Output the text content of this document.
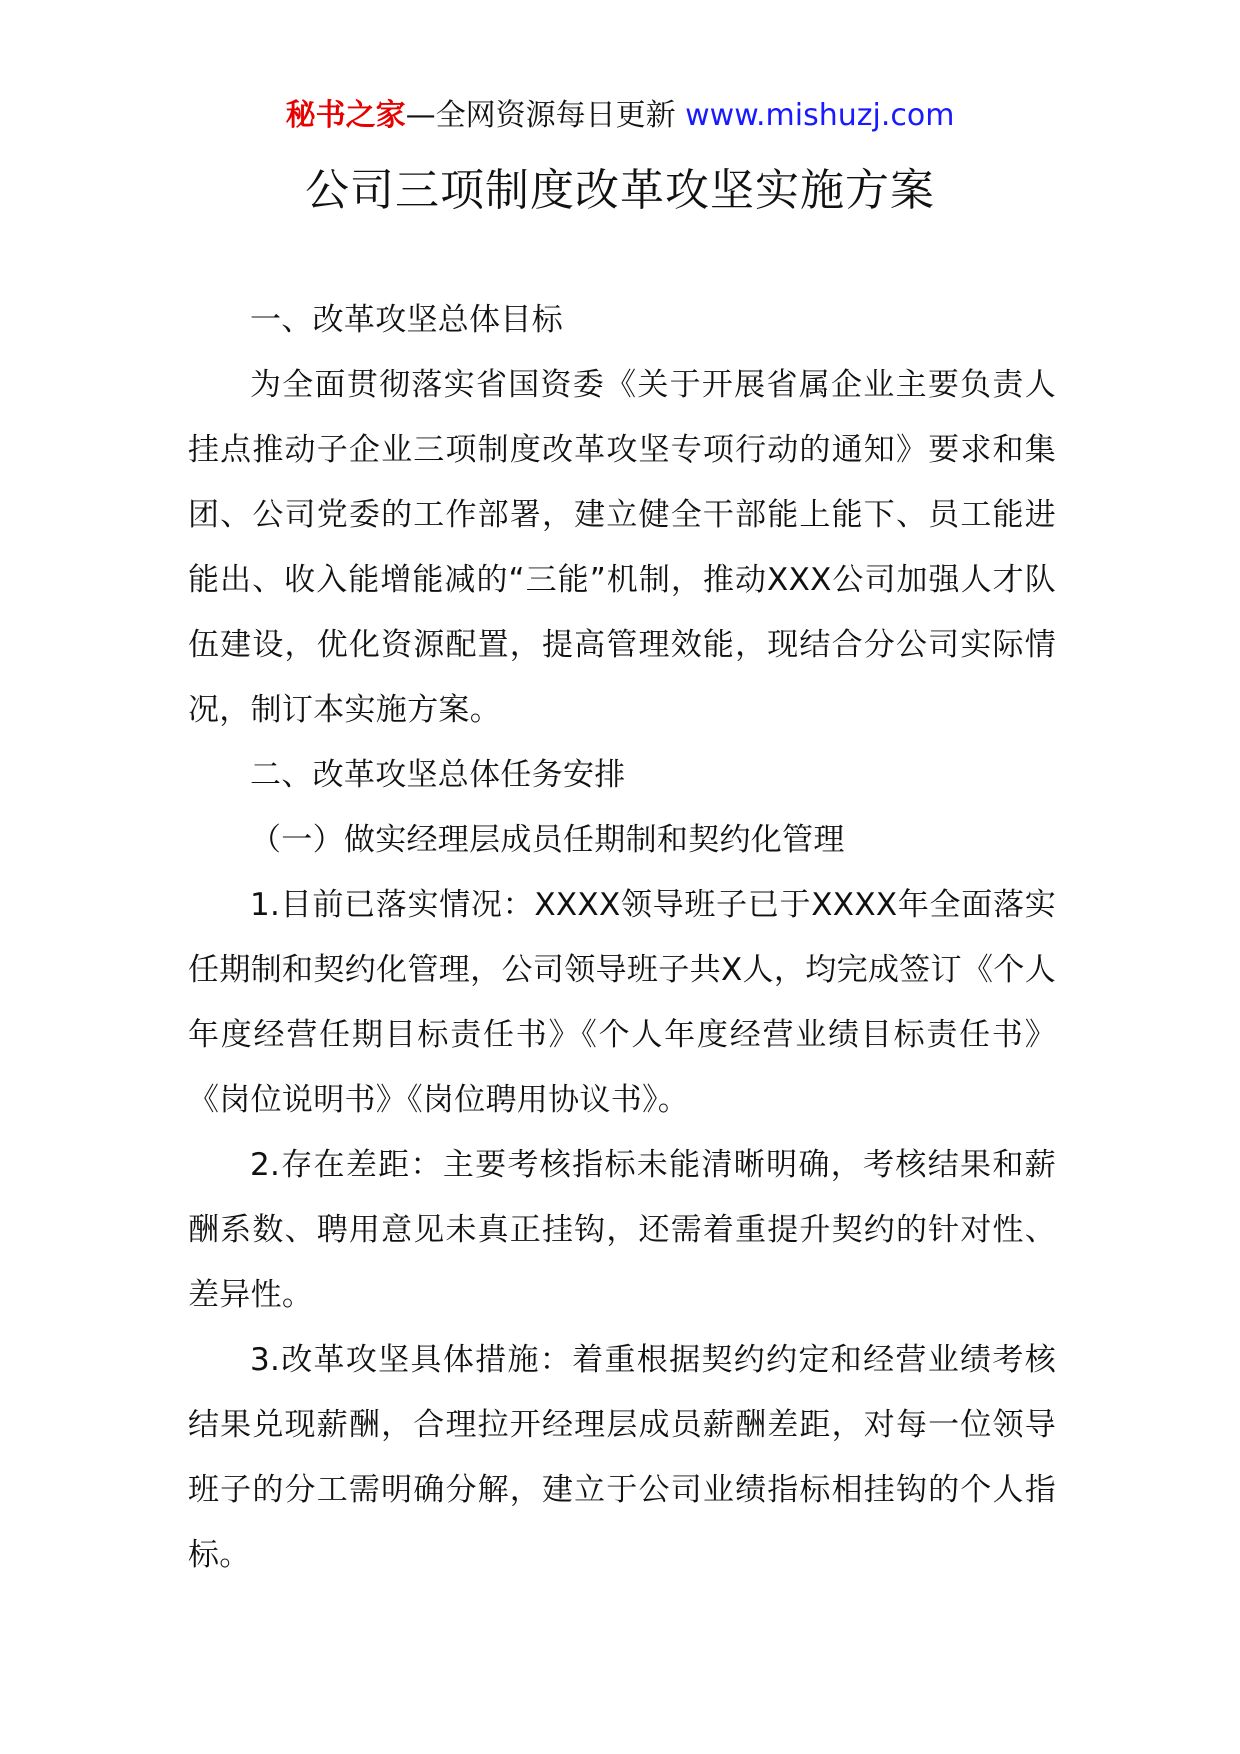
秘书之家—全网资源每日更新 www.mishuzj.com
公司三项制度改革攻坚实施方案

一、改革攻坚总体目标

为全面贯彻落实省国资委《关于开展省属企业主要负责人挂点推动子企业三项制度改革攻坚专项行动的通知》要求和集团、公司党委的工作部署，建立健全干部能上能下、员工能进能出、收入能增能减的“三能”机制，推动XXX公司加强人才队伍建设，优化资源配置，提高管理效能，现结合分公司实际情况，制订本实施方案。

二、改革攻坚总体任务安排

（一）做实经理层成员任期制和契约化管理

1.目前已落实情况：XXXX领导班子已于XXXX年全面落实任期制和契约化管理，公司领导班子共X人，均完成签订《个人年度经营任期目标责任书》《个人年度经营业绩目标责任书》《岗位说明书》《岗位聘用协议书》。

2.存在差距：主要考核指标未能清晰明确，考核结果和薪酬系数、聘用意见未真正挂钩，还需着重提升契约的针对性、差异性。

3.改革攻坚具体措施：着重根据契约约定和经营业绩考核结果兑现薪酬，合理拉开经理层成员薪酬差距，对每一位领导班子的分工需明确分解，建立于公司业绩指标相挂钩的个人指标。
